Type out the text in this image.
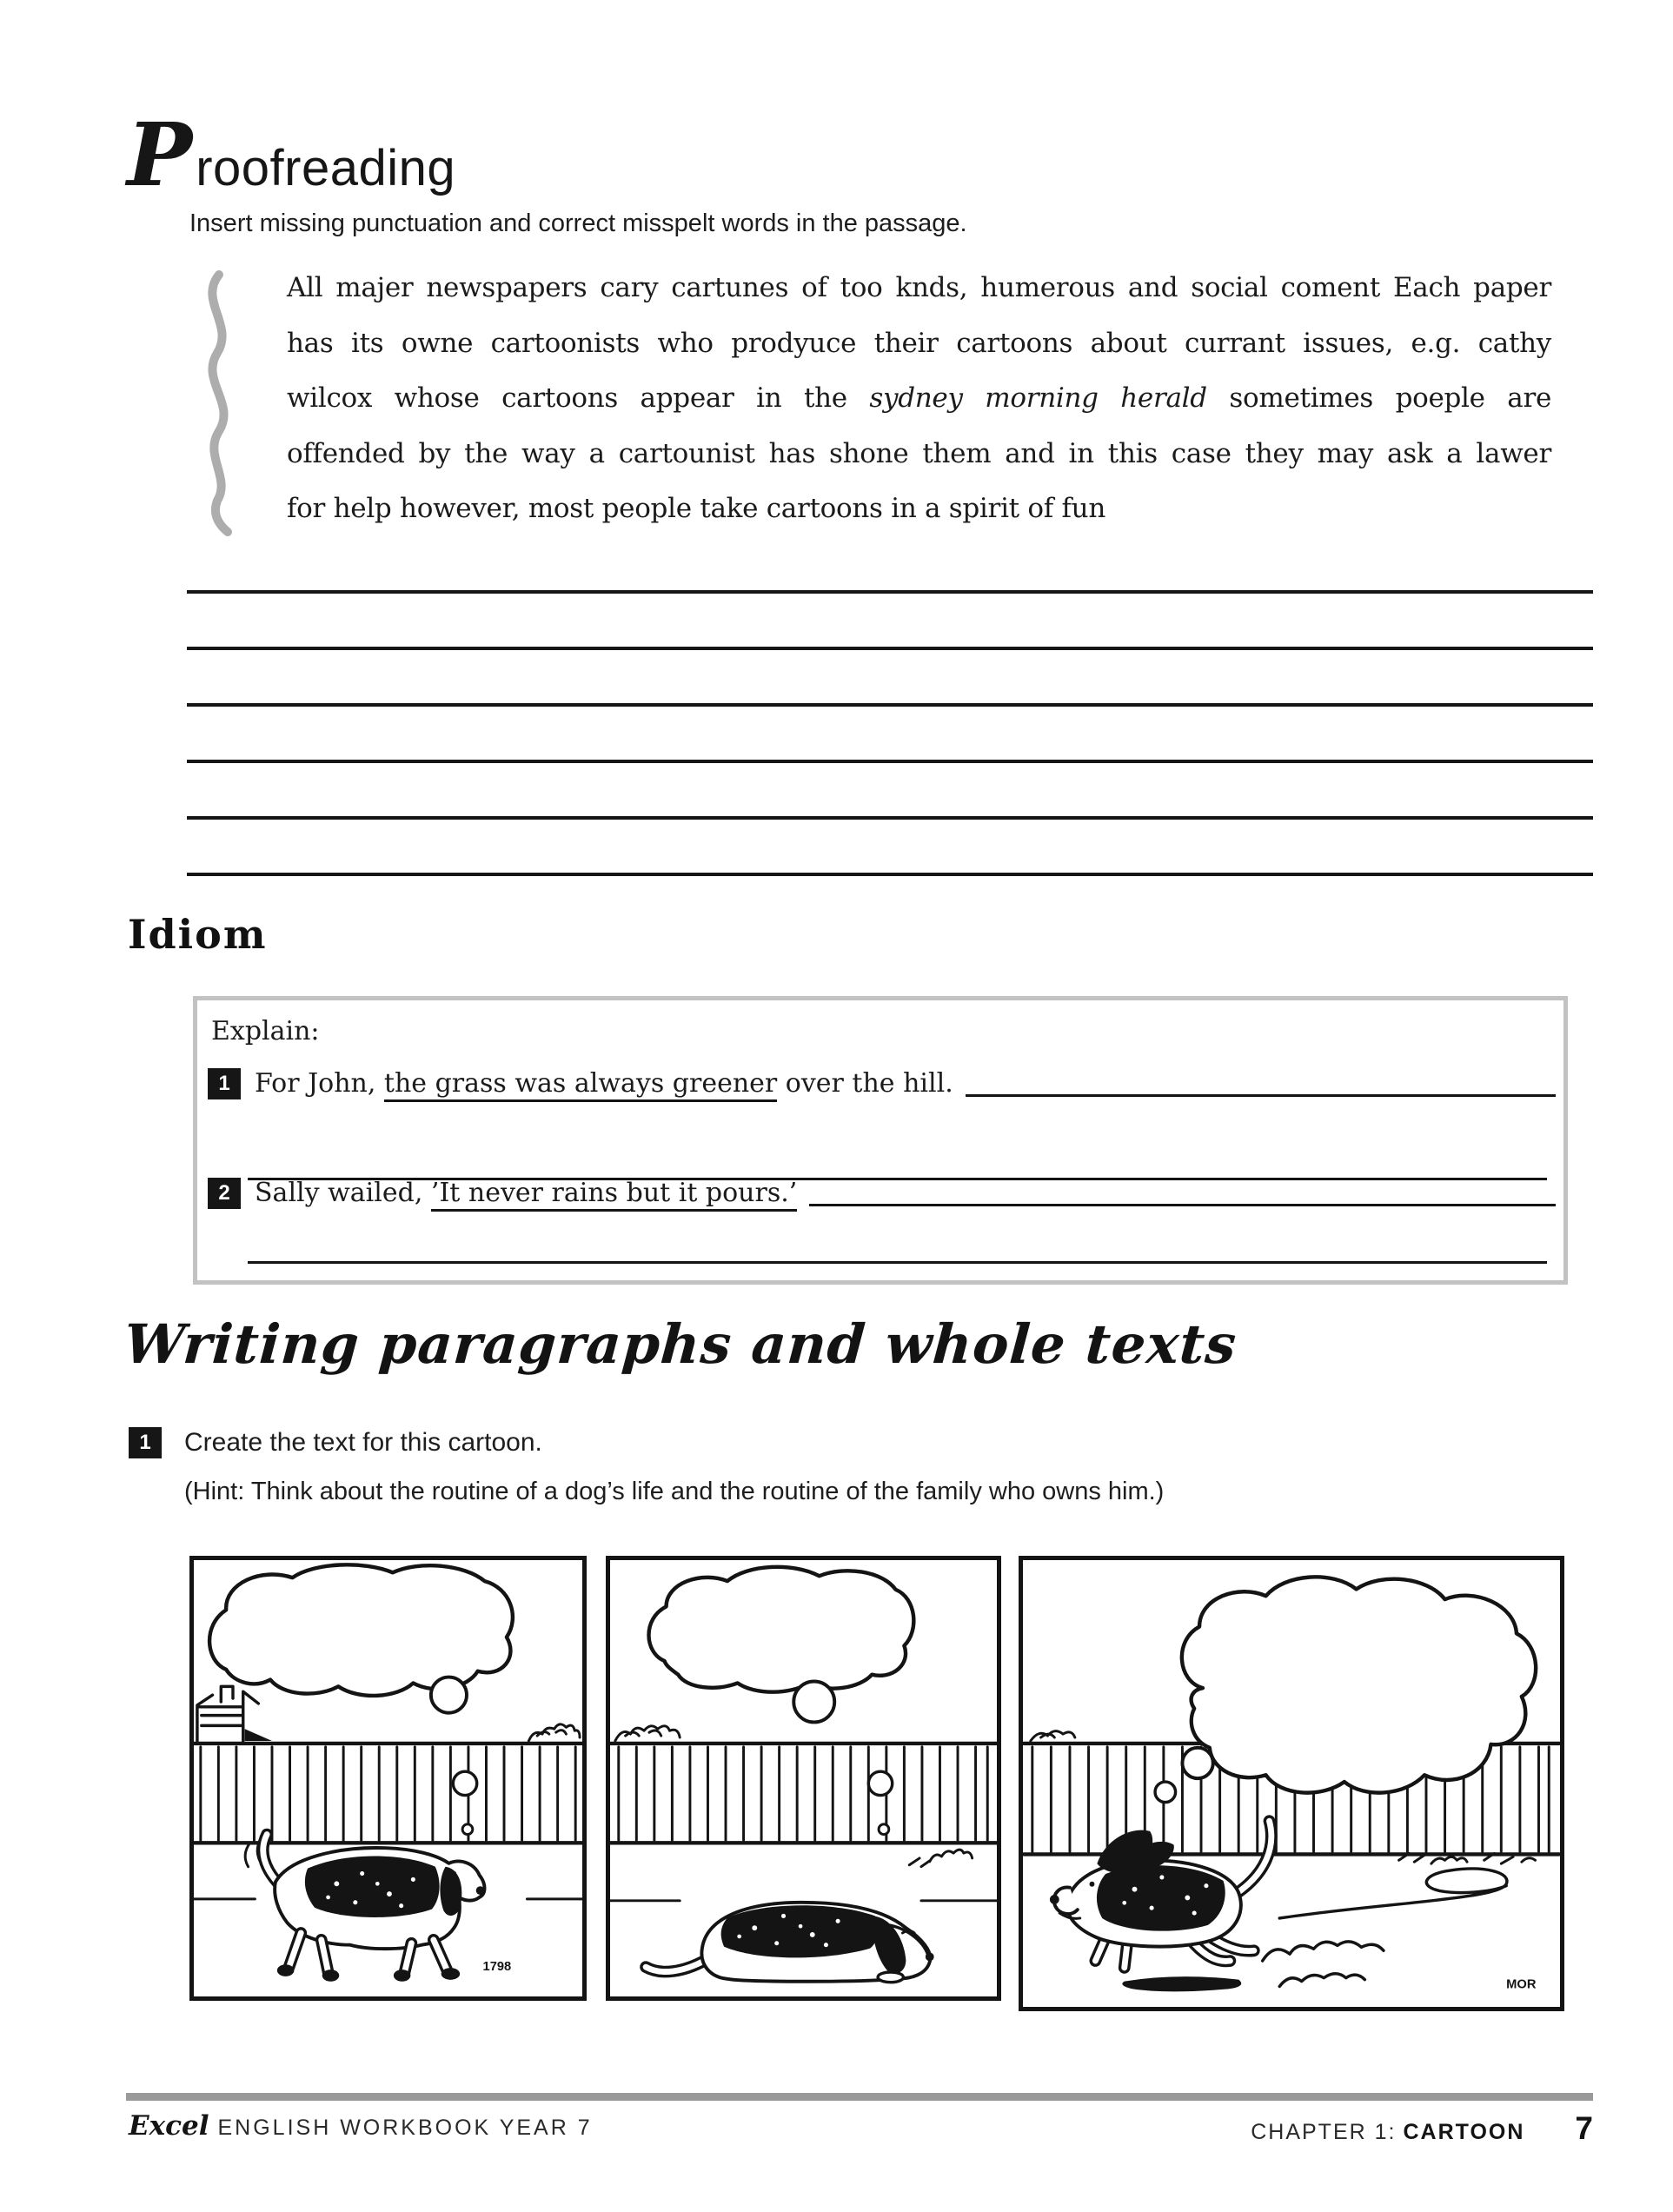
P roofreading
Insert missing punctuation and correct misspelt words in the passage.
All majer newspapers cary cartunes of too knds, humerous and social coment Each paper
has its owne cartoonists who prodyuce their cartoons about currant issues, e.g. cathy
wilcox whose cartoons appear in the sydney morning herald sometimes poeple are
offended by the way a cartounist has shone them and in this case they may ask a lawer
for help however, most people take cartoons in a spirit of fun
Idiom
Explain:
1 For John, the grass was always greener over the hill.
2 Sally wailed, ’It never rains but it pours.’
Writing paragraphs and whole texts
1	Create the text for this cartoon.
(Hint: Think about the routine of a dog’s life and the routine of the family who owns him.)
1798
MOR
Excel ENGLISH WORKBOOK YEAR 7	CHAPTER 1: CARTOON 7
